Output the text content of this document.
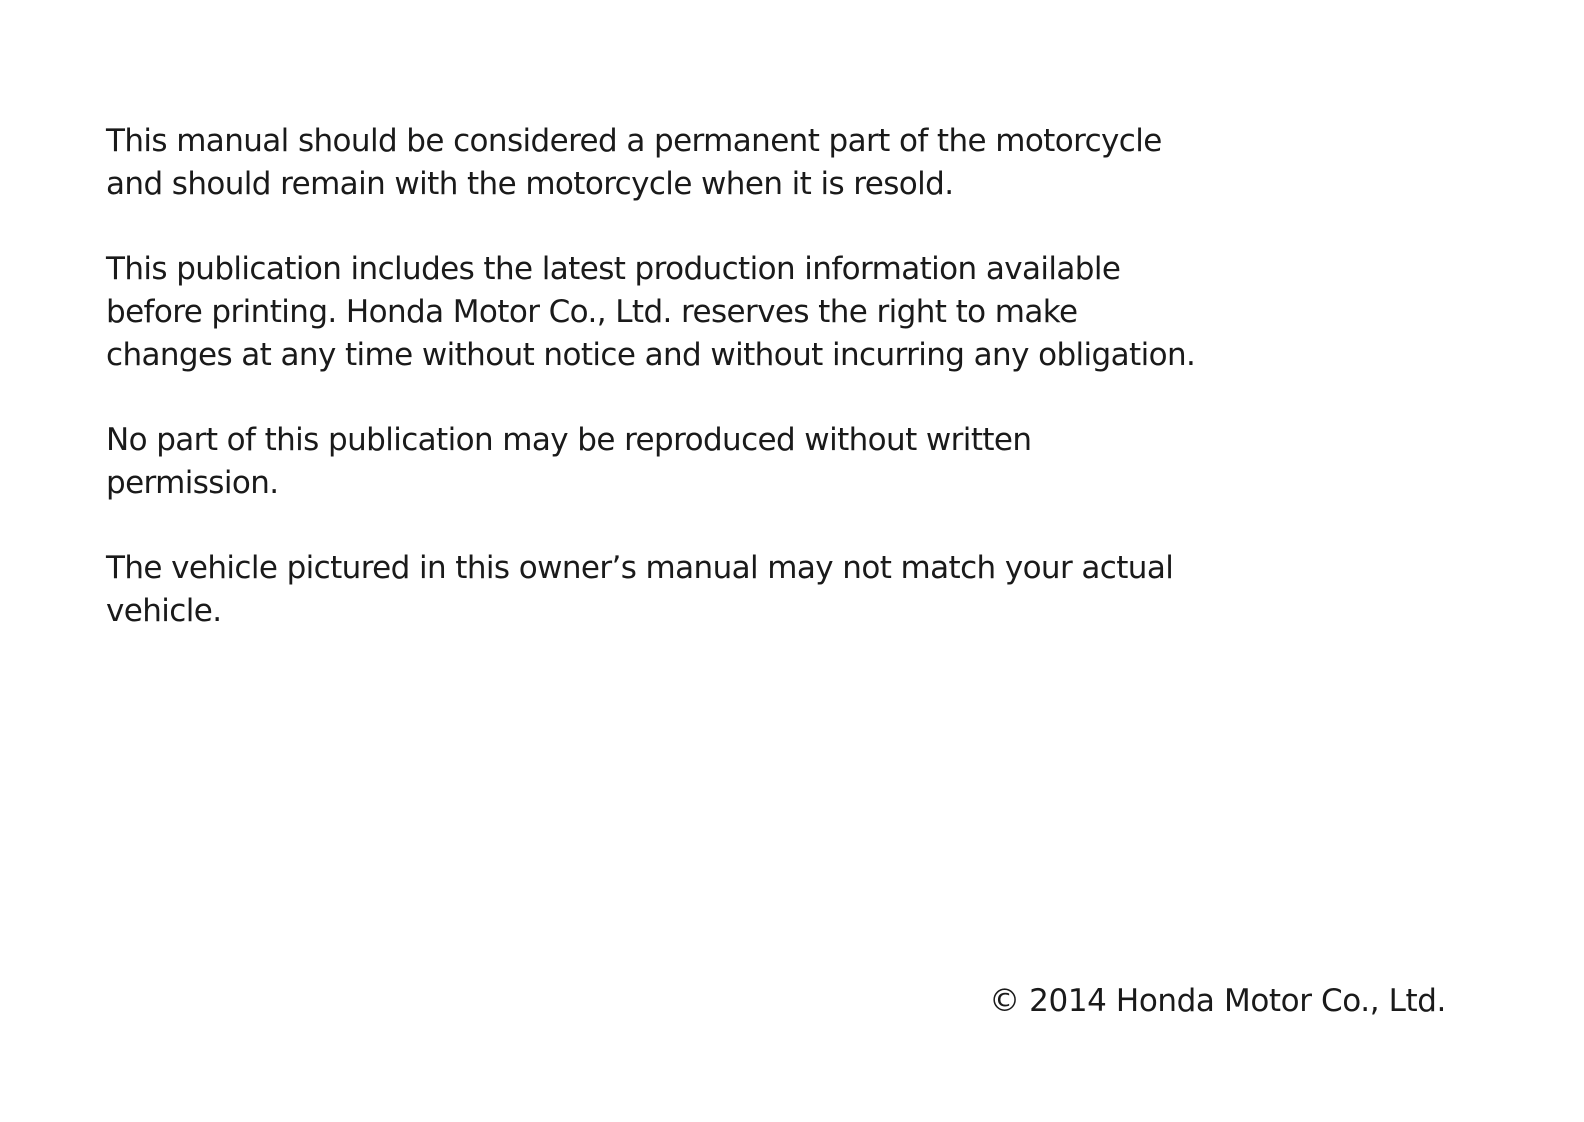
This manual should be considered a permanent part of the motorcycle
and should remain with the motorcycle when it is resold.

This publication includes the latest production information available
before printing. Honda Motor Co., Ltd. reserves the right to make
changes at any time without notice and without incurring any obligation.

No part of this publication may be reproduced without written
permission.

The vehicle pictured in this owner’s manual may not match your actual
vehicle.

© 2014 Honda Motor Co., Ltd.
